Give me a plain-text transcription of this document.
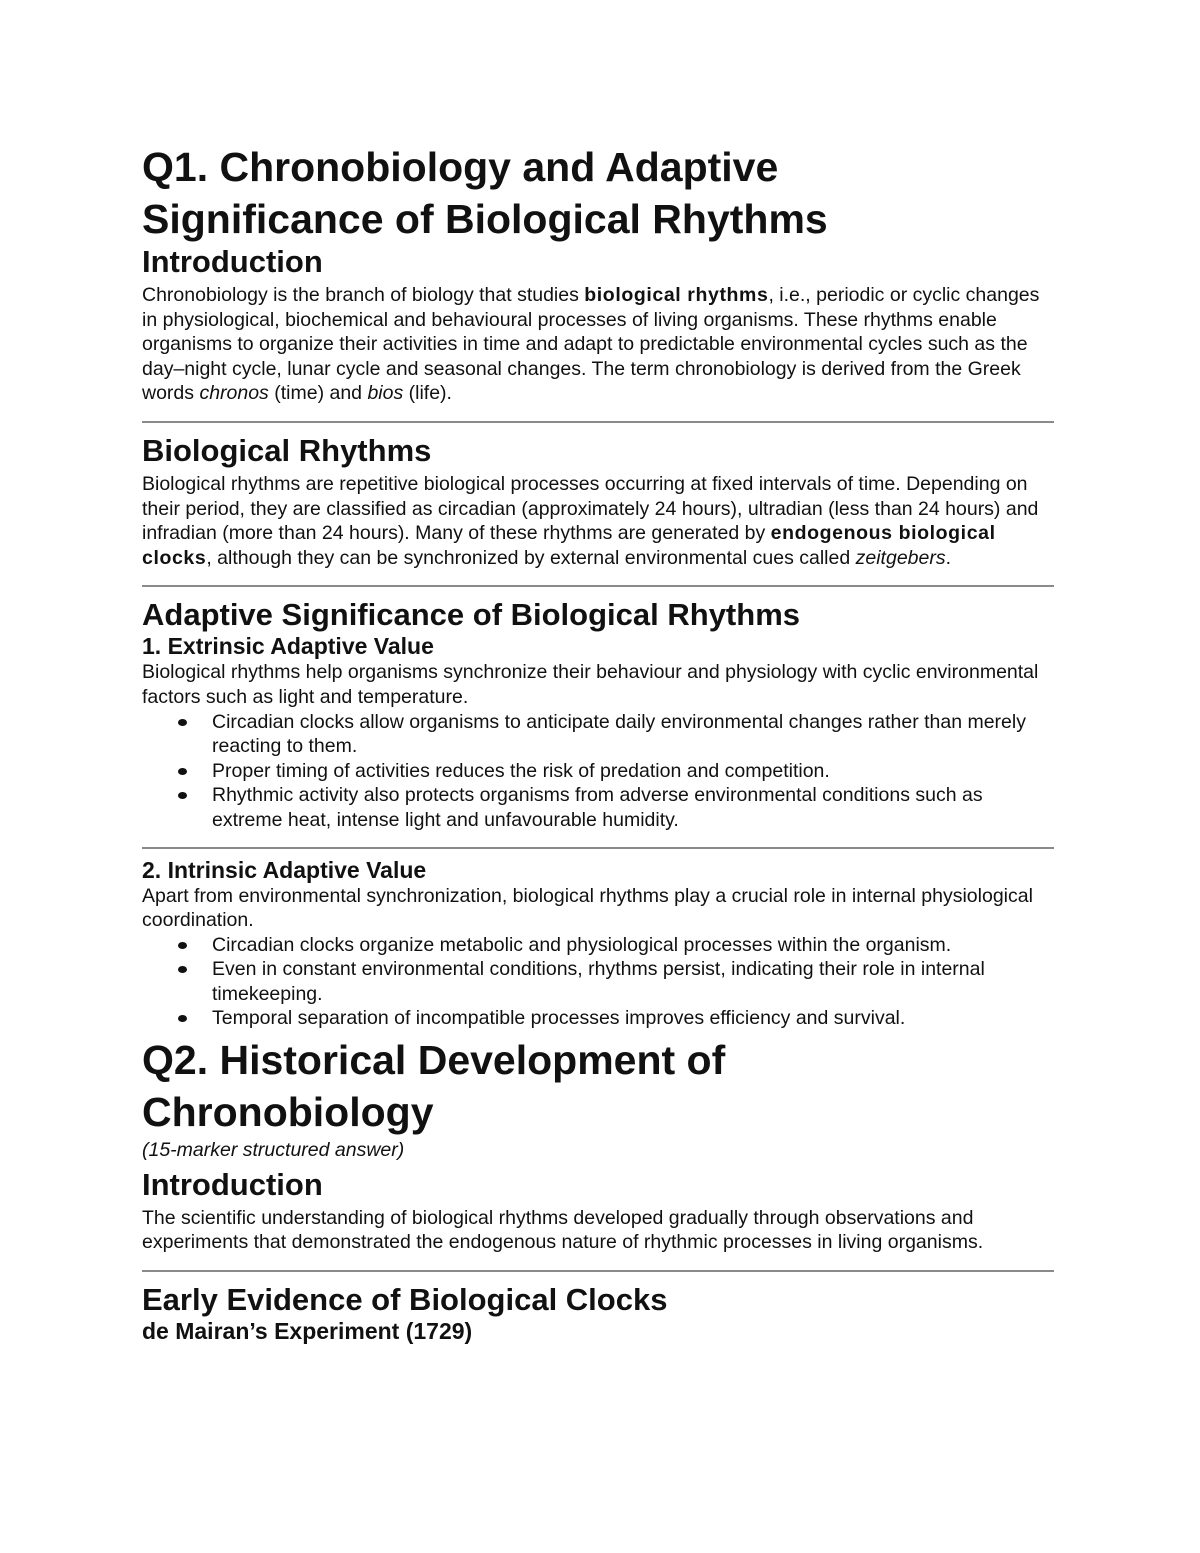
Q1. Chronobiology and Adaptive
Significance of Biological Rhythms
Introduction

Chronobiology is the branch of biology that studies biological rhythms, i.e., periodic or cyclic changes in physiological, biochemical and behavioural processes of living organisms. These rhythms enable organisms to organize their activities in time and adapt to predictable environmental cycles such as the day–night cycle, lunar cycle and seasonal changes. The term chronobiology is derived from the Greek words chronos (time) and bios (life).

Biological Rhythms

Biological rhythms are repetitive biological processes occurring at fixed intervals of time. Depending on their period, they are classified as circadian (approximately 24 hours), ultradian (less than 24 hours) and infradian (more than 24 hours). Many of these rhythms are generated by endogenous biological clocks, although they can be synchronized by external environmental cues called zeitgebers.

Adaptive Significance of Biological Rhythms
1. Extrinsic Adaptive Value

Biological rhythms help organisms synchronize their behaviour and physiology with cyclic environmental factors such as light and temperature.

Circadian clocks allow organisms to anticipate daily environmental changes rather than merely reacting to them.
Proper timing of activities reduces the risk of predation and competition.
Rhythmic activity also protects organisms from adverse environmental conditions such as extreme heat, intense light and unfavourable humidity.
2. Intrinsic Adaptive Value

Apart from environmental synchronization, biological rhythms play a crucial role in internal physiological coordination.

Circadian clocks organize metabolic and physiological processes within the organism.
Even in constant environmental conditions, rhythms persist, indicating their role in internal timekeeping.
Temporal separation of incompatible processes improves efficiency and survival.
Q2. Historical Development of
Chronobiology

(15-marker structured answer)

Introduction

The scientific understanding of biological rhythms developed gradually through observations and experiments that demonstrated the endogenous nature of rhythmic processes in living organisms.

Early Evidence of Biological Clocks
de Mairan’s Experiment (1729)
